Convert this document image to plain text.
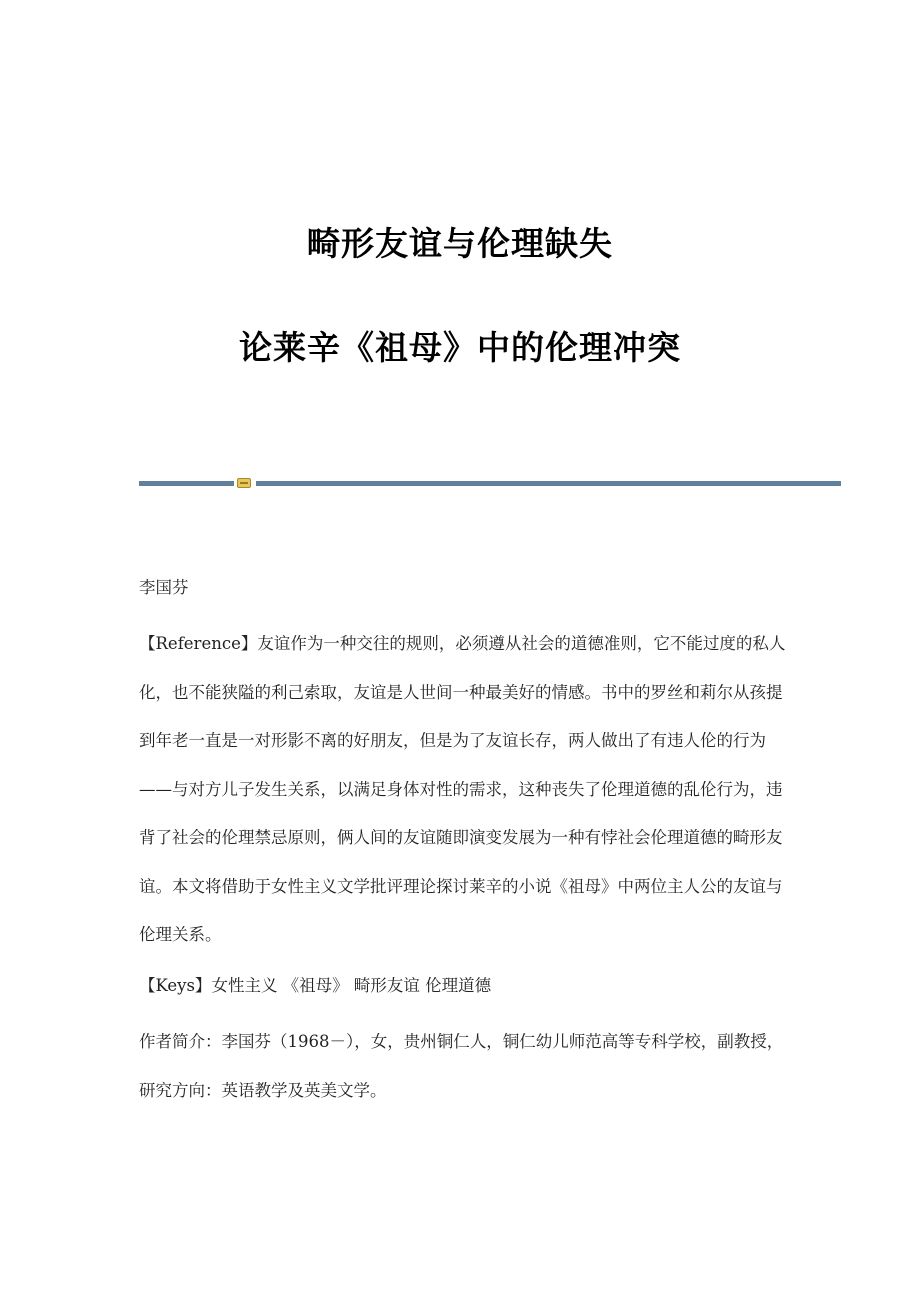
畸形友谊与伦理缺失
论莱辛《祖母》中的伦理冲突
李国芬

【Reference】友谊作为一种交往的规则，必须遵从社会的道德准则，它不能过度的私人化，也不能狭隘的利己索取，友谊是人世间一种最美好的情感。书中的罗丝和莉尔从孩提到年老一直是一对形影不离的好朋友，但是为了友谊长存，两人做出了有违人伦的行为——与对方儿子发生关系，以满足身体对性的需求，这种丧失了伦理道德的乱伦行为，违背了社会的伦理禁忌原则，俩人间的友谊随即演变发展为一种有悖社会伦理道德的畸形友谊。本文将借助于女性主义文学批评理论探讨莱辛的小说《祖母》中两位主人公的友谊与伦理关系。

【Keys】女性主义 《祖母》 畸形友谊 伦理道德

作者简介：李国芬（1968－），女，贵州铜仁人，铜仁幼儿师范高等专科学校，副教授，研究方向：英语教学及英美文学。
